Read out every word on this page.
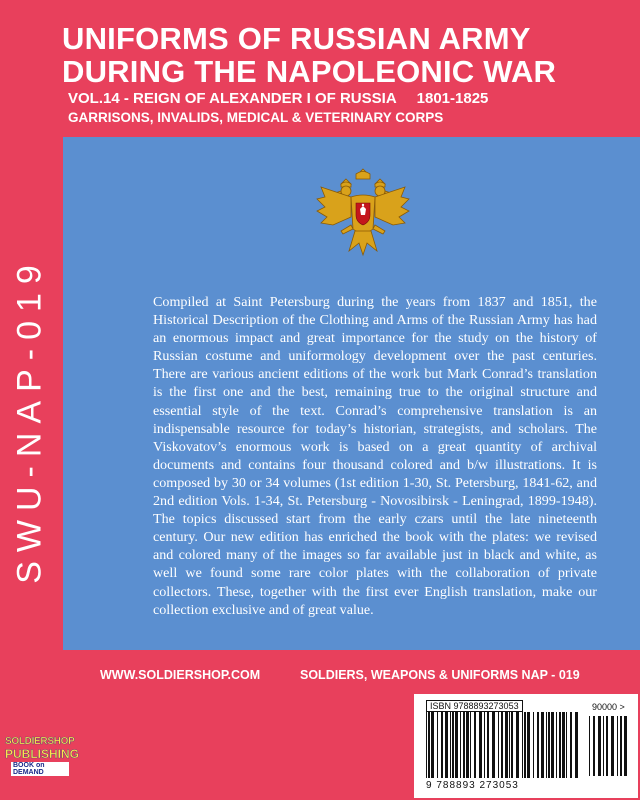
UNIFORMS OF RUSSIAN ARMY
DURING THE NAPOLEONIC WAR
VOL.14 - REIGN OF ALEXANDER I OF RUSSIA 1801-1825
GARRISONS, INVALIDS, MEDICAL & VETERINARY CORPS
SWU-NAP-019	Compiled at Saint Petersburg during the years from 1837 and 1851, the Historical Description of the Clothing and Arms of the Russian Army has had an enormous impact and great importance for the study on the history of Russian costume and uniformology development over the past centuries. There are various ancient editions of the work but Mark Conrad’s translation is the first one and the best, remaining true to the original structure and essential style of the text. Conrad’s comprehensive translation is an indispensable resource for today’s historian, strategists, and scholars. The Viskovatov’s enormous work is based on a great quantity of archival documents and contains four thousand colored and b/w illustrations. It is composed by 30 or 34 volumes (1st edition 1-30, St. Petersburg, 1841-62, and 2nd edition Vols. 1-34, St. Petersburg - Novosibirsk - Leningrad, 1899-1948). The topics discussed start from the early czars until the late nineteenth century. Our new edition has enriched the book with the plates: we revised and colored many of the images so far available just in black and white, as well we found some rare color plates with the collaboration of private collectors. These, together with the first ever English translation, make our collection exclusive and of great value.
WWW.SOLDIERSHOP.COM	SOLDIERS, WEAPONS & UNIFORMS NAP - 019
SOLDIERSHOP
PUBLISHING
BOOK on DEMAND
ISBN 9788893273053	90000 >
9 788893 273053
